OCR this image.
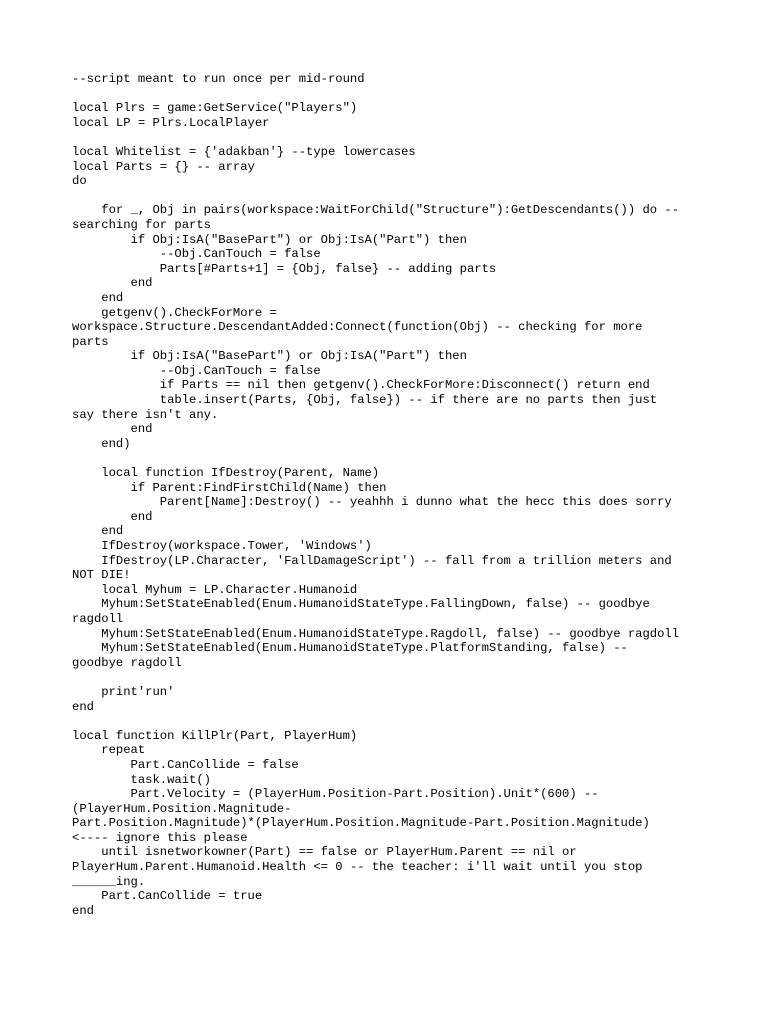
--script meant to run once per mid-round
local Plrs = game:GetService("Players")
local LP = Plrs.LocalPlayer
local Whitelist = {'adakban'} --type lowercases
local Parts = {} -- array
do
for _, Obj in pairs(workspace:WaitForChild("Structure"):GetDescendants()) do --
searching for parts
if Obj:IsA("BasePart") or Obj:IsA("Part") then
--Obj.CanTouch = false
Parts[#Parts+1] = {Obj, false} -- adding parts
end
end
getgenv().CheckForMore =
workspace.Structure.DescendantAdded:Connect(function(Obj) -- checking for more
parts
if Obj:IsA("BasePart") or Obj:IsA("Part") then
--Obj.CanTouch = false
if Parts == nil then getgenv().CheckForMore:Disconnect() return end
table.insert(Parts, {Obj, false}) -- if there are no parts then just
say there isn't any.
end
end)
local function IfDestroy(Parent, Name)
if Parent:FindFirstChild(Name) then
Parent[Name]:Destroy() -- yeahhh i dunno what the hecc this does sorry
end
end
IfDestroy(workspace.Tower, 'Windows')
IfDestroy(LP.Character, 'FallDamageScript') -- fall from a trillion meters and
NOT DIE!
local Myhum = LP.Character.Humanoid
Myhum:SetStateEnabled(Enum.HumanoidStateType.FallingDown, false) -- goodbye
ragdoll
Myhum:SetStateEnabled(Enum.HumanoidStateType.Ragdoll, false) -- goodbye ragdoll
Myhum:SetStateEnabled(Enum.HumanoidStateType.PlatformStanding, false) --
goodbye ragdoll
print'run'
end
local function KillPlr(Part, PlayerHum)
repeat
Part.CanCollide = false
task.wait()
Part.Velocity = (PlayerHum.Position-Part.Position).Unit*(600) --
(PlayerHum.Position.Magnitude-
Part.Position.Magnitude)*(PlayerHum.Position.Magnitude-Part.Position.Magnitude)
<---- ignore this please
until isnetworkowner(Part) == false or PlayerHum.Parent == nil or
PlayerHum.Parent.Humanoid.Health <= 0 -- the teacher: i'll wait until you stop
______ing.
Part.CanCollide = true
end
